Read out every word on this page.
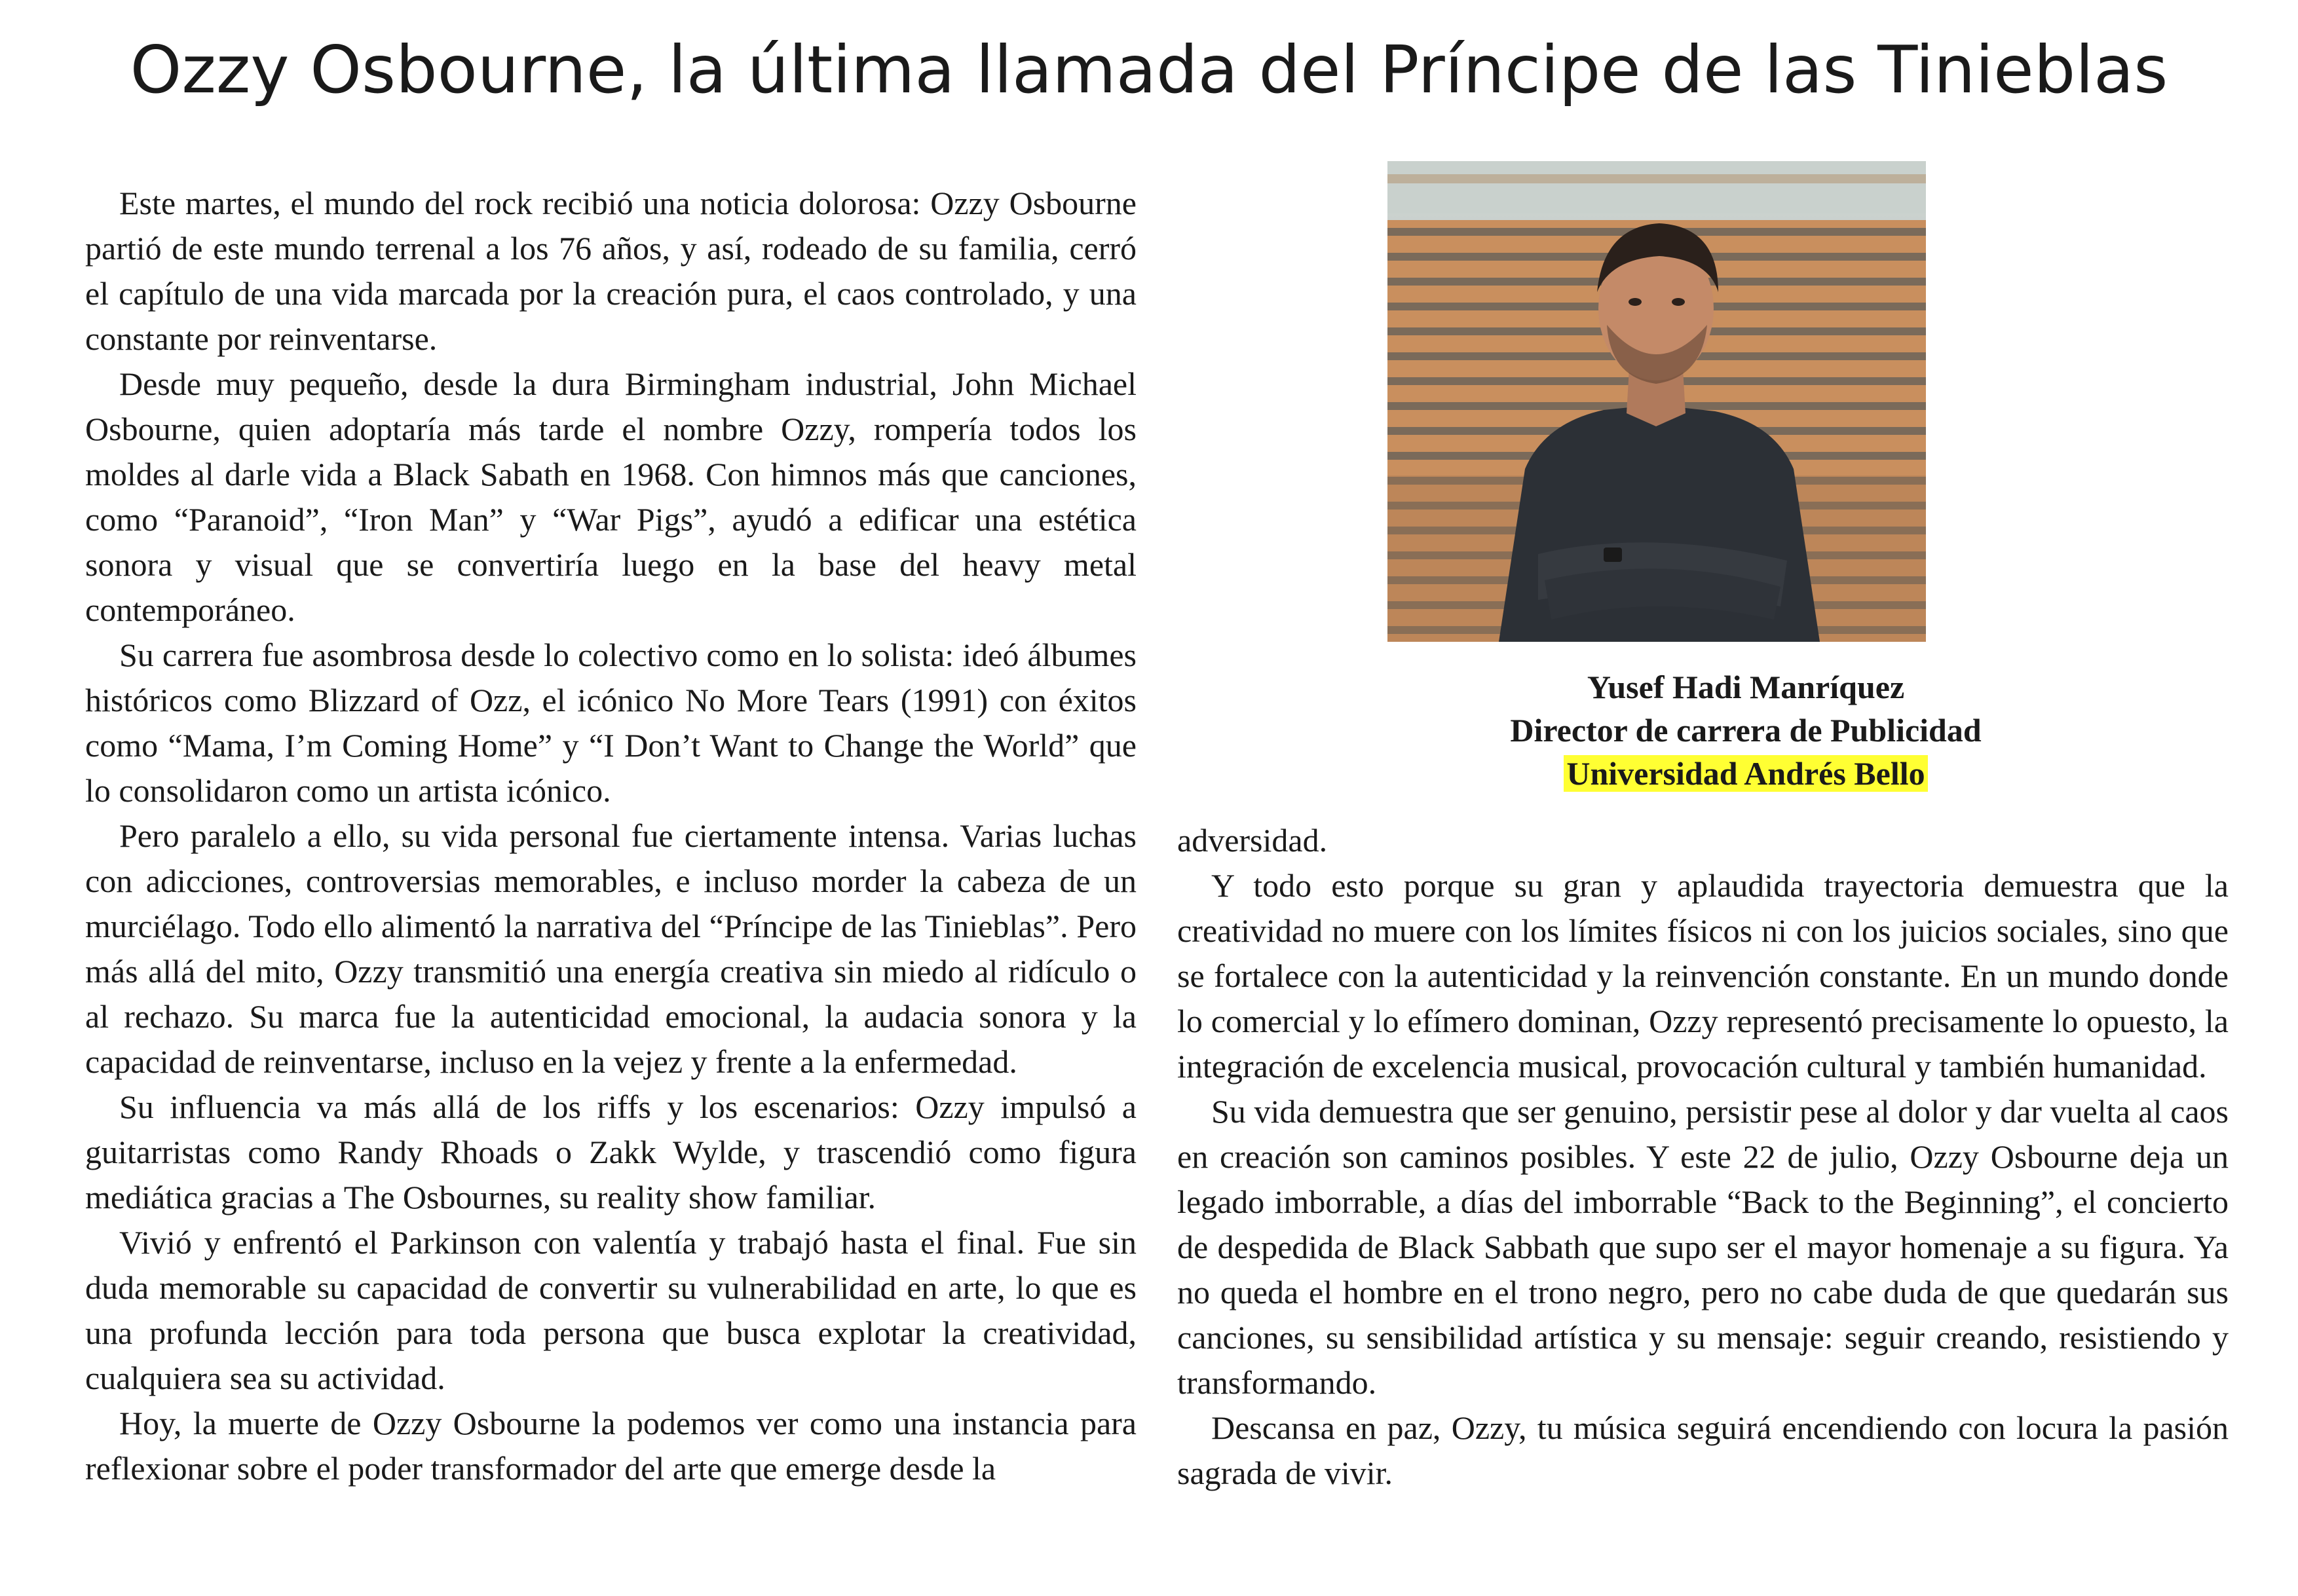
Ozzy Osbourne, la última llamada del Príncipe de las Tinieblas

Este martes, el mundo del rock recibió una noticia dolorosa: Ozzy Osbourne partió de este mundo terrenal a los 76 años, y así, rodeado de su familia, cerró el capítulo de una vida marcada por la creación pura, el caos controlado, y una constante por reinventarse.

Desde muy pequeño, desde la dura Birmingham industrial, John Michael Osbourne, quien adoptaría más tarde el nombre Ozzy, rompería todos los moldes al darle vida a Black Sabath en 1968. Con himnos más que canciones, como “Paranoid”, “Iron Man” y “War Pigs”, ayudó a edificar una estética sonora y visual que se convertiría luego en la base del heavy metal contemporáneo.

Su carrera fue asombrosa desde lo colectivo como en lo solista: ideó álbumes históricos como Blizzard of Ozz, el icónico No More Tears (1991) con éxitos como “Mama, I’m Coming Home” y “I Don’t Want to Change the World” que lo consolidaron como un artista icónico.

Pero paralelo a ello, su vida personal fue ciertamente intensa. Varias luchas con adicciones, controversias memorables, e incluso morder la cabeza de un murciélago. Todo ello alimentó la narrativa del “Príncipe de las Tinieblas”. Pero más allá del mito, Ozzy transmitió una energía creativa sin miedo al ridículo o al rechazo. Su marca fue la autenticidad emocional, la audacia sonora y la capacidad de reinventarse, incluso en la vejez y frente a la enfermedad.

Su influencia va más allá de los riffs y los escenarios: Ozzy impulsó a guitarristas como Randy Rhoads o Zakk Wylde, y trascendió como figura mediática gracias a The Osbournes, su reality show familiar.

Vivió y enfrentó el Parkinson con valentía y trabajó hasta el final. Fue sin duda memorable su capacidad de convertir su vulnerabilidad en arte, lo que es una profunda lección para toda persona que busca explotar la creatividad, cualquiera sea su actividad.

Hoy, la muerte de Ozzy Osbourne la podemos ver como una instancia para reflexionar sobre el poder transformador del arte que emerge desde la

Yusef Hadi Manríquez
Director de carrera de Publicidad
Universidad Andrés Bello

adversidad.

Y todo esto porque su gran y aplaudida trayectoria demuestra que la creatividad no muere con los límites físicos ni con los juicios sociales, sino que se fortalece con la autenticidad y la reinvención constante. En un mundo donde lo comercial y lo efímero dominan, Ozzy representó precisamente lo opuesto, la integración de excelencia musical, provocación cultural y también humanidad.

Su vida demuestra que ser genuino, persistir pese al dolor y dar vuelta al caos en creación son caminos posibles. Y este 22 de julio, Ozzy Osbourne deja un legado imborrable, a días del imborrable “Back to the Beginning”, el concierto de despedida de Black Sabbath que supo ser el mayor homenaje a su figura. Ya no queda el hombre en el trono negro, pero no cabe duda de que quedarán sus canciones, su sensibilidad artística y su mensaje: seguir creando, resistiendo y transformando.

Descansa en paz, Ozzy, tu música seguirá encendiendo con locura la pasión sagrada de vivir.
